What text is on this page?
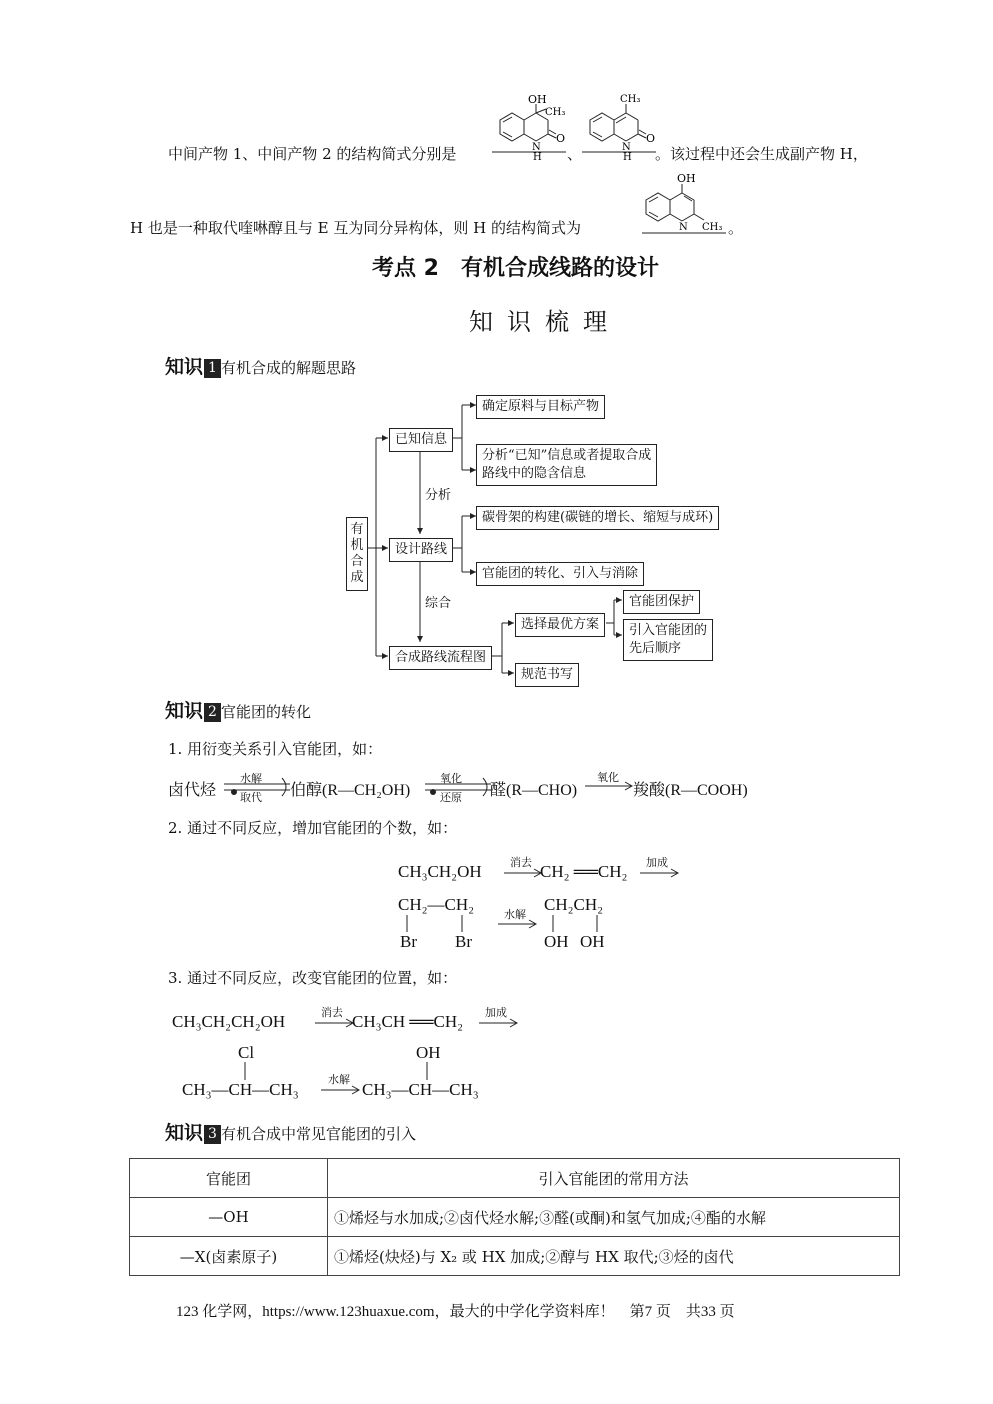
中间产物 1、中间产物 2 的结构简式分别是
OH
CH₃
N
H
O
、
CH₃
N
H
O
。该过程中还会生成副产物 H，
H 也是一种取代喹啉醇且与 E 互为同分异构体，则 H 的结构简式为
OH
N CH₃ 。
考点 2　有机合成线路的设计
知识梳理
知识 1 有机合成的解题思路
有机合成
已知信息
设计路线
合成路线流程图
分析
综合
确定原料与目标产物
分析“已知”信息或者提取合成
路线中的隐含信息
碳骨架的构建(碳链的增长、缩短与成环)
官能团的转化、引入与消除
选择最优方案
规范书写
官能团保护
引入官能团的
先后顺序
知识 2 官能团的转化
1. 用衍变关系引入官能团，如：
卤代烃
水解
取代 伯醇(R—CH₂OH)
氧化
还原 醛(R—CHO)
氧化
羧酸(R—COOH)
2. 通过不同反应，增加官能团的个数，如：
CH₃CH₂OH	消去 CH₂ ══CH₂ 加成
CH₂—CH₂
Br Br
水解
CH₂CH₂
OH OH
3. 通过不同反应，改变官能团的位置，如：
CH₃CH₂CH₂OH	消去 CH₃CH ══CH₂ 加成
Cl
CH₃—CH—CH₃
水解
OH
CH₃—CH—CH₃
知识 3 有机合成中常见官能团的引入
官能团	引入官能团的常用方法
—OH	①烯烃与水加成;②卤代烃水解;③醛(或酮)和氢气加成;④酯的水解
—X(卤素原子)	①烯烃(炔烃)与 X₂ 或 HX 加成;②醇与 HX 取代;③烃的卤代
123 化学网，https://www.123huaxue.com，最大的中学化学资料库！　第7 页　共33 页
